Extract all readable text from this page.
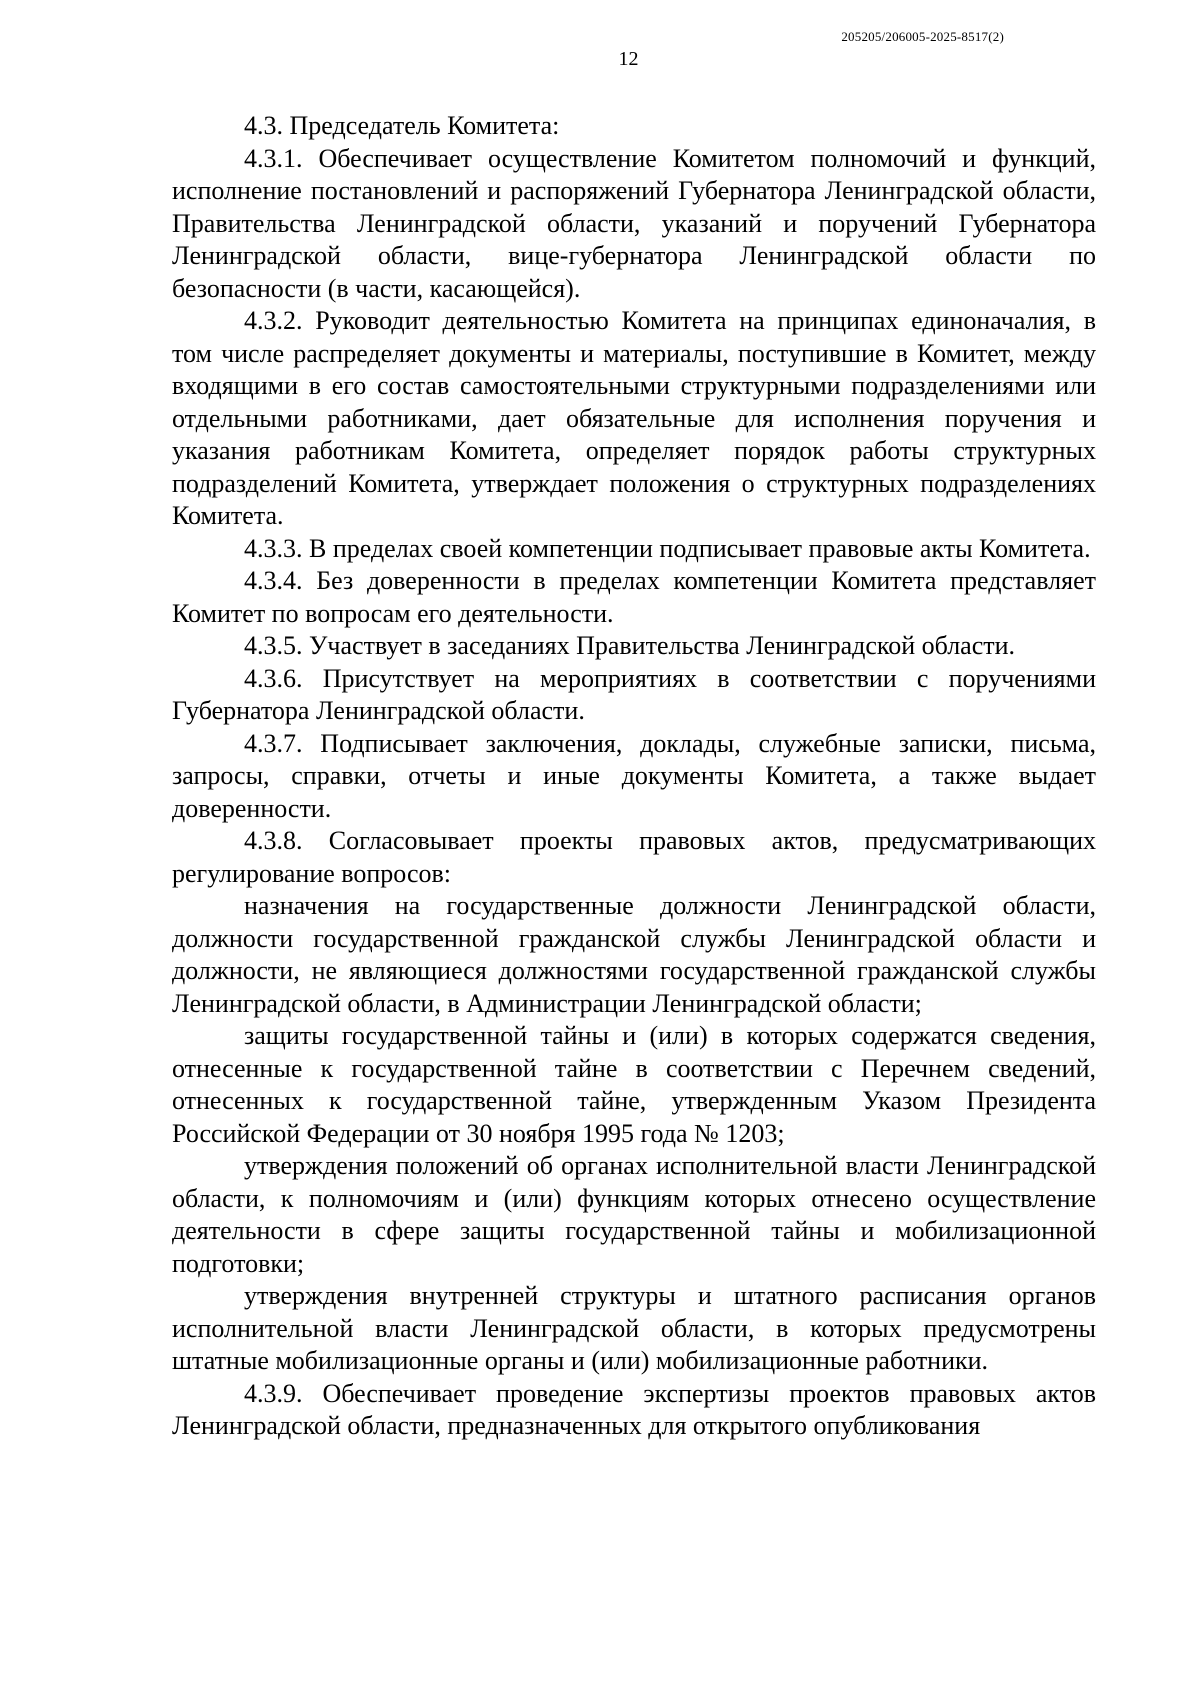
205205/206005-2025-8517(2)
12

4.3. Председатель Комитета:

4.3.1. Обеспечивает осуществление Комитетом полномочий и функций, исполнение постановлений и распоряжений Губернатора Ленинградской области, Правительства Ленинградской области, указаний и поручений Губернатора Ленинградской области, вице-губернатора Ленинградской области по безопасности (в части, касающейся).

4.3.2. Руководит деятельностью Комитета на принципах единоначалия, в том числе распределяет документы и материалы, поступившие в Комитет, между входящими в его состав самостоятельными структурными подразделениями или отдельными работниками, дает обязательные для исполнения поручения и указания работникам Комитета, определяет порядок работы структурных подразделений Комитета, утверждает положения о структурных подразделениях Комитета.

4.3.3. В пределах своей компетенции подписывает правовые акты Комитета.

4.3.4. Без доверенности в пределах компетенции Комитета представляет Комитет по вопросам его деятельности.

4.3.5. Участвует в заседаниях Правительства Ленинградской области.

4.3.6. Присутствует на мероприятиях в соответствии с поручениями Губернатора Ленинградской области.

4.3.7. Подписывает заключения, доклады, служебные записки, письма, запросы, справки, отчеты и иные документы Комитета, а также выдает доверенности.

4.3.8. Согласовывает проекты правовых актов, предусматривающих регулирование вопросов:

назначения на государственные должности Ленинградской области, должности государственной гражданской службы Ленинградской области и должности, не являющиеся должностями государственной гражданской службы Ленинградской области, в Администрации Ленинградской области;

защиты государственной тайны и (или) в которых содержатся сведения, отнесенные к государственной тайне в соответствии с Перечнем сведений, отнесенных к государственной тайне, утвержденным Указом Президента Российской Федерации от 30 ноября 1995 года № 1203;

утверждения положений об органах исполнительной власти Ленинградской области, к полномочиям и (или) функциям которых отнесено осуществление деятельности в сфере защиты государственной тайны и мобилизационной подготовки;

утверждения внутренней структуры и штатного расписания органов исполнительной власти Ленинградской области, в которых предусмотрены штатные мобилизационные органы и (или) мобилизационные работники.

4.3.9. Обеспечивает проведение экспертизы проектов правовых актов Ленинградской области, предназначенных для открытого опубликования
